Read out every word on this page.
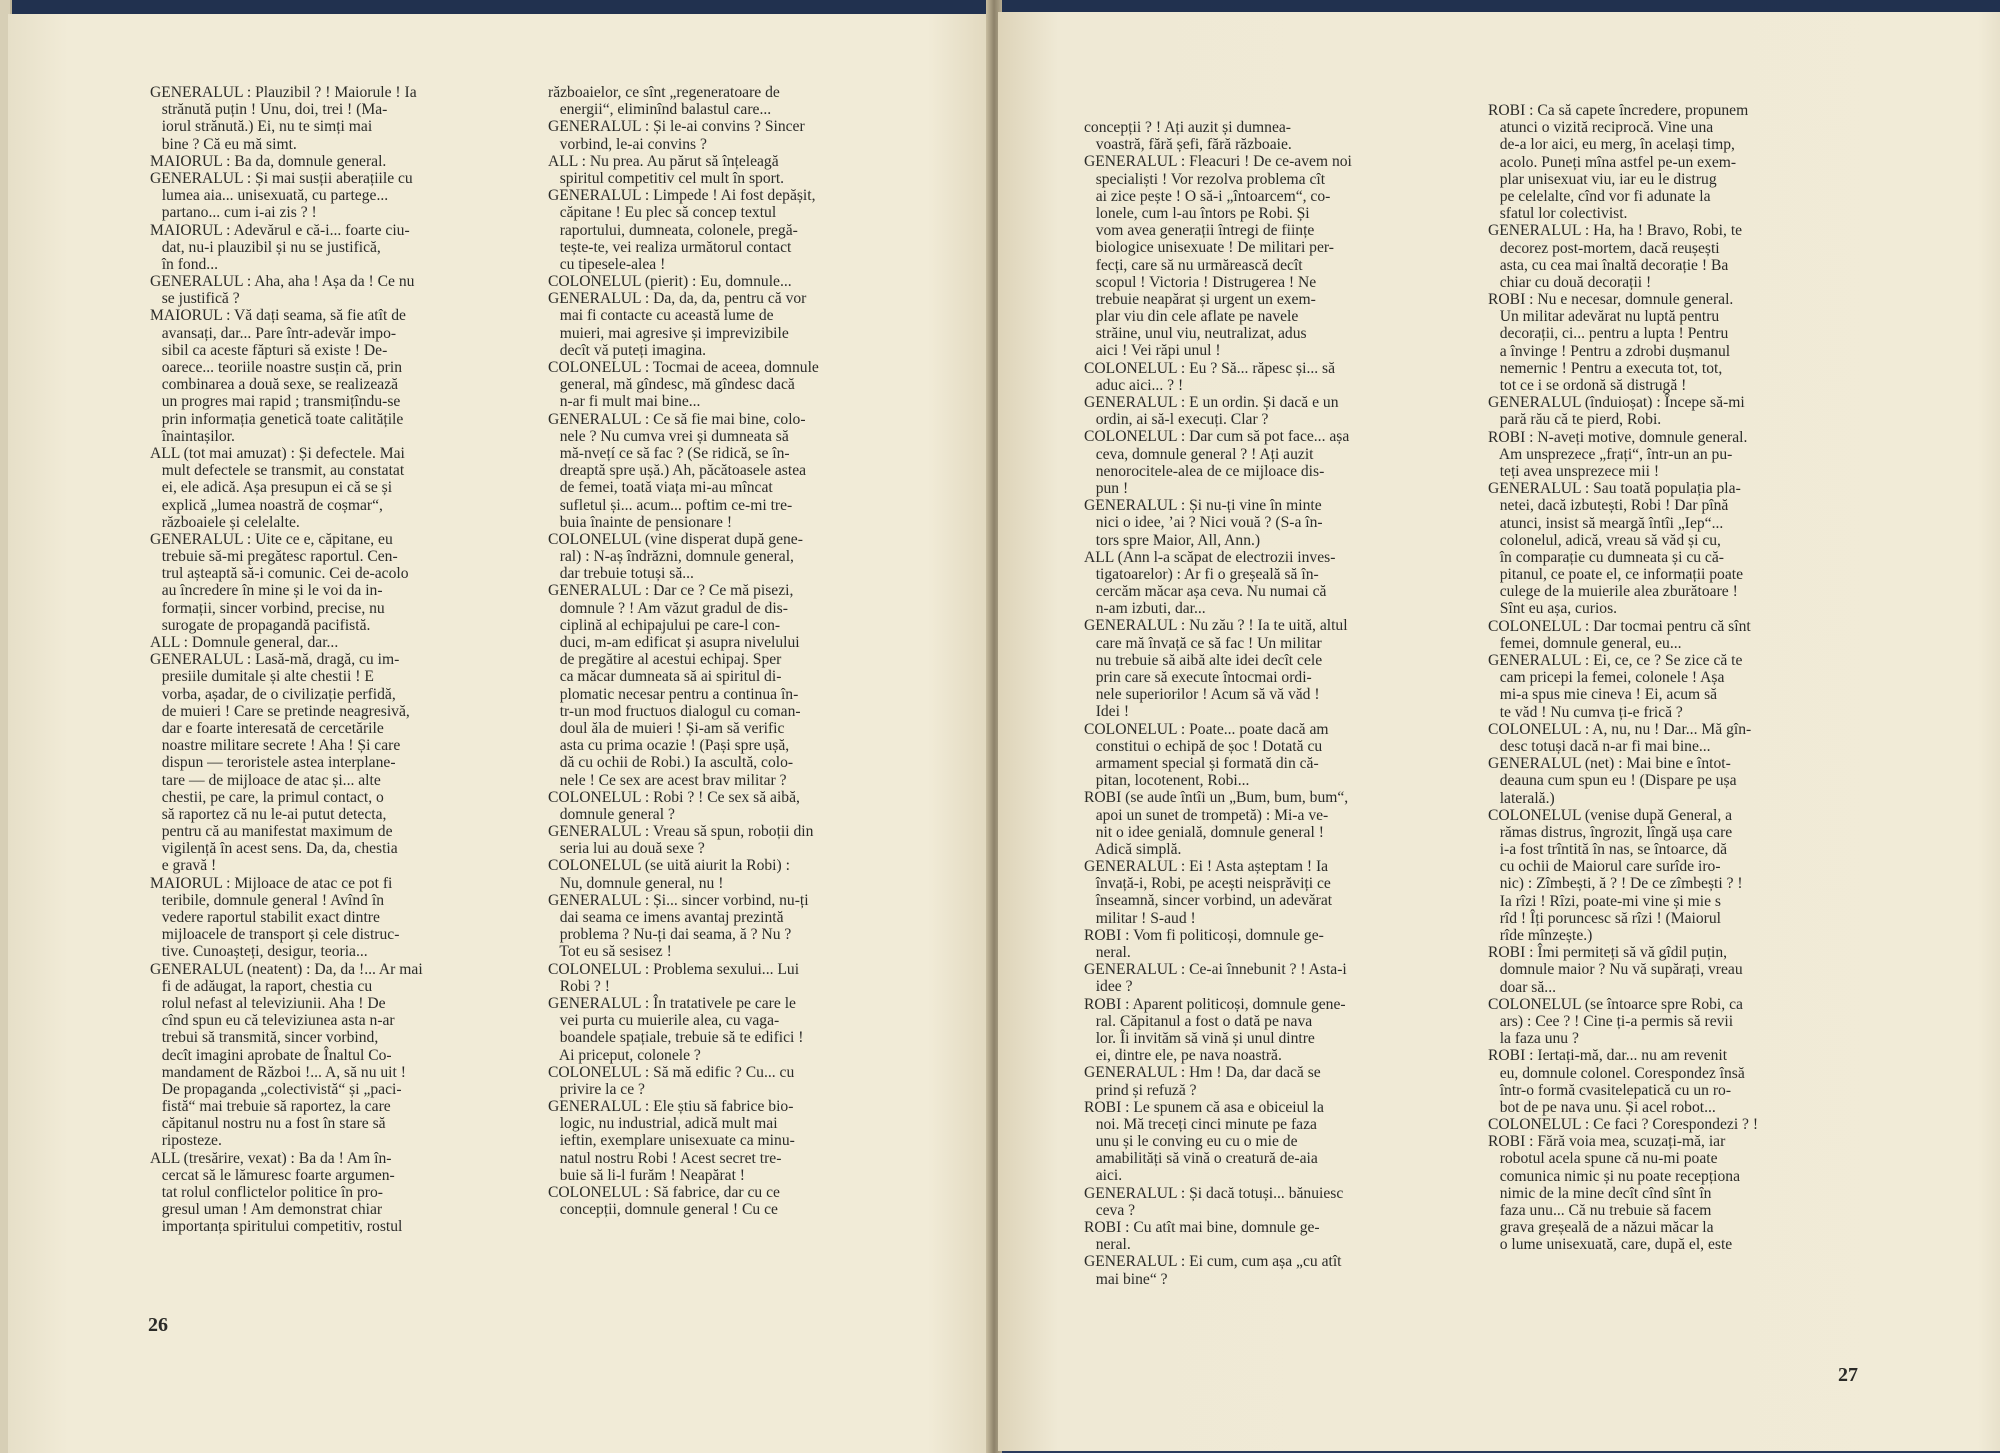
GENERALUL : Plauzibil ? ! Maiorule ! Ia
strănută puțin ! Unu, doi, trei ! (Ma-
iorul strănută.) Ei, nu te simți mai
bine ? Că eu mă simt.
MAIORUL : Ba da, domnule general.
GENERALUL : Și mai susții aberațiile cu
lumea aia... unisexuată, cu partege...
partano... cum i-ai zis ? !
MAIORUL : Adevărul e că-i... foarte ciu-
dat, nu-i plauzibil și nu se justifică,
în fond...
GENERALUL : Aha, aha ! Așa da ! Ce nu
se justifică ?
MAIORUL : Vă dați seama, să fie atît de
avansați, dar... Pare într-adevăr impo-
sibil ca aceste făpturi să existe ! De-
oarece... teoriile noastre susțin că, prin
combinarea a două sexe, se realizează
un progres mai rapid ; transmițîndu-se
prin informația genetică toate calitățile
înaintașilor.
ALL (tot mai amuzat) : Și defectele. Mai
mult defectele se transmit, au constatat
ei, ele adică. Așa presupun ei că se și
explică „lumea noastră de coșmar“,
războaiele și celelalte.
GENERALUL : Uite ce e, căpitane, eu
trebuie să-mi pregătesc raportul. Cen-
trul așteaptă să-i comunic. Cei de-acolo
au încredere în mine și le voi da in-
formații, sincer vorbind, precise, nu
surogate de propagandă pacifistă.
ALL : Domnule general, dar...
GENERALUL : Lasă-mă, dragă, cu im-
presiile dumitale și alte chestii ! E
vorba, așadar, de o civilizație perfidă,
de muieri ! Care se pretinde neagresivă,
dar e foarte interesată de cercetările
noastre militare secrete ! Aha ! Și care
dispun — teroristele astea interplane-
tare — de mijloace de atac și... alte
chestii, pe care, la primul contact, o
să raportez că nu le-ai putut detecta,
pentru că au manifestat maximum de
vigilență în acest sens. Da, da, chestia
e gravă !
MAIORUL : Mijloace de atac ce pot fi
teribile, domnule general ! Avînd în
vedere raportul stabilit exact dintre
mijloacele de transport și cele distruc-
tive. Cunoașteți, desigur, teoria...
GENERALUL (neatent) : Da, da !... Ar mai
fi de adăugat, la raport, chestia cu
rolul nefast al televiziunii. Aha ! De
cînd spun eu că televiziunea asta n-ar
trebui să transmită, sincer vorbind,
decît imagini aprobate de Înaltul Co-
mandament de Război !... A, să nu uit !
De propaganda „colectivistă“ și „paci-
fistă“ mai trebuie să raportez, la care
căpitanul nostru nu a fost în stare să
riposteze.
ALL (tresărire, vexat) : Ba da ! Am în-
cercat să le lămuresc foarte argumen-
tat rolul conflictelor politice în pro-
gresul uman ! Am demonstrat chiar
importanța spiritului competitiv, rostul
războaielor, ce sînt „regeneratoare de
energii“, eliminînd balastul care...
GENERALUL : Și le-ai convins ? Sincer
vorbind, le-ai convins ?
ALL : Nu prea. Au părut să înțeleagă
spiritul competitiv cel mult în sport.
GENERALUL : Limpede ! Ai fost depășit,
căpitane ! Eu plec să concep textul
raportului, dumneata, colonele, pregă-
tește-te, vei realiza următorul contact
cu tipesele-alea !
COLONELUL (pierit) : Eu, domnule...
GENERALUL : Da, da, da, pentru că vor
mai fi contacte cu această lume de
muieri, mai agresive și imprevizibile
decît vă puteți imagina.
COLONELUL : Tocmai de aceea, domnule
general, mă gîndesc, mă gîndesc dacă
n-ar fi mult mai bine...
GENERALUL : Ce să fie mai bine, colo-
nele ? Nu cumva vrei și dumneata să
mă-nvețí ce să fac ? (Se ridică, se în-
dreaptă spre ușă.) Ah, păcătoasele astea
de femei, toată viața mi-au mîncat
sufletul și... acum... poftim ce-mi tre-
buia înainte de pensionare !
COLONELUL (vine disperat după gene-
ral) : N-aș îndrăzni, domnule general,
dar trebuie totuși să...
GENERALUL : Dar ce ? Ce mă pisezi,
domnule ? ! Am văzut gradul de dis-
ciplină al echipajului pe care-l con-
duci, m-am edificat și asupra nivelului
de pregătire al acestui echipaj. Sper
ca măcar dumneata să ai spiritul di-
plomatic necesar pentru a continua în-
tr-un mod fructuos dialogul cu coman-
doul ăla de muieri ! Și-am să verific
asta cu prima ocazie ! (Pași spre ușă,
dă cu ochii de Robi.) Ia ascultă, colo-
nele ! Ce sex are acest brav militar ?
COLONELUL : Robi ? ! Ce sex să aibă,
domnule general ?
GENERALUL : Vreau să spun, roboții din
seria lui au două sexe ?
COLONELUL (se uită aiurit la Robi) :
Nu, domnule general, nu !
GENERALUL : Și... sincer vorbind, nu-ți
dai seama ce imens avantaj prezintă
problema ? Nu-ți dai seama, ă ? Nu ?
Tot eu să sesisez !
COLONELUL : Problema sexului... Lui
Robi ? !
GENERALUL : În tratativele pe care le
vei purta cu muierile alea, cu vaga-
boandele spațiale, trebuie să te edifici !
Ai priceput, colonele ?
COLONELUL : Să mă edific ? Cu... cu
privire la ce ?
GENERALUL : Ele știu să fabrice bio-
logic, nu industrial, adică mult mai
ieftin, exemplare unisexuate ca minu-
natul nostru Robi ! Acest secret tre-
buie să li-l furăm ! Neapărat !
COLONELUL : Să fabrice, dar cu ce
concepții, domnule general ! Cu ce
26
concepții ? ! Ați auzit și dumnea-
voastră, fără șefi, fără războaie.
GENERALUL : Fleacuri ! De ce-avem noi
specialiști ! Vor rezolva problema cît
ai zice pește ! O să-i „întoarcem“, co-
lonele, cum l-au întors pe Robi. Și
vom avea generații întregi de ființe
biologice unisexuate ! De militari per-
fecți, care să nu urmărească decît
scopul ! Victoria ! Distrugerea ! Ne
trebuie neapărat și urgent un exem-
plar viu din cele aflate pe navele
străine, unul viu, neutralizat, adus
aici ! Vei răpi unul !
COLONELUL : Eu ? Să... răpesc și... să
aduc aici... ? !
GENERALUL : E un ordin. Și dacă e un
ordin, ai să-l execuți. Clar ?
COLONELUL : Dar cum să pot face... așa
ceva, domnule general ? ! Ați auzit
nenorocitele-alea de ce mijloace dis-
pun !
GENERALUL : Și nu-ți vine în minte
nici o idee, ’ai ? Nici vouă ? (S-a în-
tors spre Maior, All, Ann.)
ALL (Ann l-a scăpat de electrozii inves-
tigatoarelor) : Ar fi o greșeală să în-
cercăm măcar așa ceva. Nu numai că
n-am izbuti, dar...
GENERALUL : Nu zău ? ! Ia te uită, altul
care mă învață ce să fac ! Un militar
nu trebuie să aibă alte idei decît cele
prin care să execute întocmai ordi-
nele superiorilor ! Acum să vă văd !
Idei !
COLONELUL : Poate... poate dacă am
constitui o echipă de șoc ! Dotată cu
armament special și formată din că-
pitan, locotenent, Robi...
ROBI (se aude întîi un „Bum, bum, bum“,
apoi un sunet de trompetă) : Mi-a ve-
nit o idee genială, domnule general !
Adică simplă.
GENERALUL : Ei ! Asta așteptam ! Ia
învață-i, Robi, pe acești neisprăviți ce
înseamnă, sincer vorbind, un adevărat
militar ! S-aud !
ROBI : Vom fi politicoși, domnule ge-
neral.
GENERALUL : Ce-ai înnebunit ? ! Asta-i
idee ?
ROBI : Aparent politicoși, domnule gene-
ral. Căpitanul a fost o dată pe nava
lor. Îi invităm să vină și unul dintre
ei, dintre ele, pe nava noastră.
GENERALUL : Hm ! Da, dar dacă se
prind și refuză ?
ROBI : Le spunem că asa e obiceiul la
noi. Mă treceți cinci minute pe faza
unu și le conving eu cu o mie de
amabilități să vină o creatură de-aia
aici.
GENERALUL : Și dacă totuși... bănuiesc
ceva ?
ROBI : Cu atît mai bine, domnule ge-
neral.
GENERALUL : Ei cum, cum așa „cu atît
mai bine“ ?
ROBI : Ca să capete încredere, propunem
atunci o vizită reciprocă. Vine una
de-a lor aici, eu merg, în același timp,
acolo. Puneți mîna astfel pe-un exem-
plar unisexuat viu, iar eu le distrug
pe celelalte, cînd vor fi adunate la
sfatul lor colectivist.
GENERALUL : Ha, ha ! Bravo, Robi, te
decorez post-mortem, dacă reușești
asta, cu cea mai înaltă decorație ! Ba
chiar cu două decorații !
ROBI : Nu e necesar, domnule general.
Un militar adevărat nu luptă pentru
decorații, ci... pentru a lupta ! Pentru
a învinge ! Pentru a zdrobi dușmanul
nemernic ! Pentru a executa tot, tot,
tot ce i se ordonă să distrugă !
GENERALUL (înduioșat) : Începe să-mi
pară rău că te pierd, Robi.
ROBI : N-aveți motive, domnule general.
Am unsprezece „frați“, într-un an pu-
teți avea unsprezece mii !
GENERALUL : Sau toată populația pla-
netei, dacă izbutești, Robi ! Dar pînă
atunci, insist să meargă întîi „Iep“...
colonelul, adică, vreau să văd și cu,
în comparație cu dumneata și cu că-
pitanul, ce poate el, ce informații poate
culege de la muierile alea zburătoare !
Sînt eu așa, curios.
COLONELUL : Dar tocmai pentru că sînt
femei, domnule general, eu...
GENERALUL : Ei, ce, ce ? Se zice că te
cam pricepi la femei, colonele ! Așa
mi-a spus mie cineva ! Ei, acum să
te văd ! Nu cumva ți-e frică ?
COLONELUL : A, nu, nu ! Dar... Mă gîn-
desc totuși dacă n-ar fi mai bine...
GENERALUL (net) : Mai bine e întot-
deauna cum spun eu ! (Dispare pe ușa
laterală.)
COLONELUL (venise după General, a
rămas distrus, îngrozit, lîngă ușa care
i-a fost trîntită în nas, se întoarce, dă
cu ochii de Maiorul care surîde iro-
nic) : Zîmbești, ă ? ! De ce zîmbești ? !
Ia rîzi ! Rîzi, poate-mi vine și mie s
rîd ! Îți poruncesc să rîzi ! (Maiorul
rîde mînzește.)
ROBI : Îmi permiteți să vă gîdil puțin,
domnule maior ? Nu vă supărați, vreau
doar să...
COLONELUL (se întoarce spre Robi, ca
ars) : Cee ? ! Cine ți-a permis să revii
la faza unu ?
ROBI : Iertați-mă, dar... nu am revenit
eu, domnule colonel. Corespondez însă
într-o formă cvasitelepatică cu un ro-
bot de pe nava unu. Și acel robot...
COLONELUL : Ce faci ? Corespondezi ? !
ROBI : Fără voia mea, scuzați-mă, iar
robotul acela spune că nu-mi poate
comunica nimic și nu poate recepționa
nimic de la mine decît cînd sînt în
faza unu... Că nu trebuie să facem
grava greșeală de a năzui măcar la
o lume unisexuată, care, după el, este
27
